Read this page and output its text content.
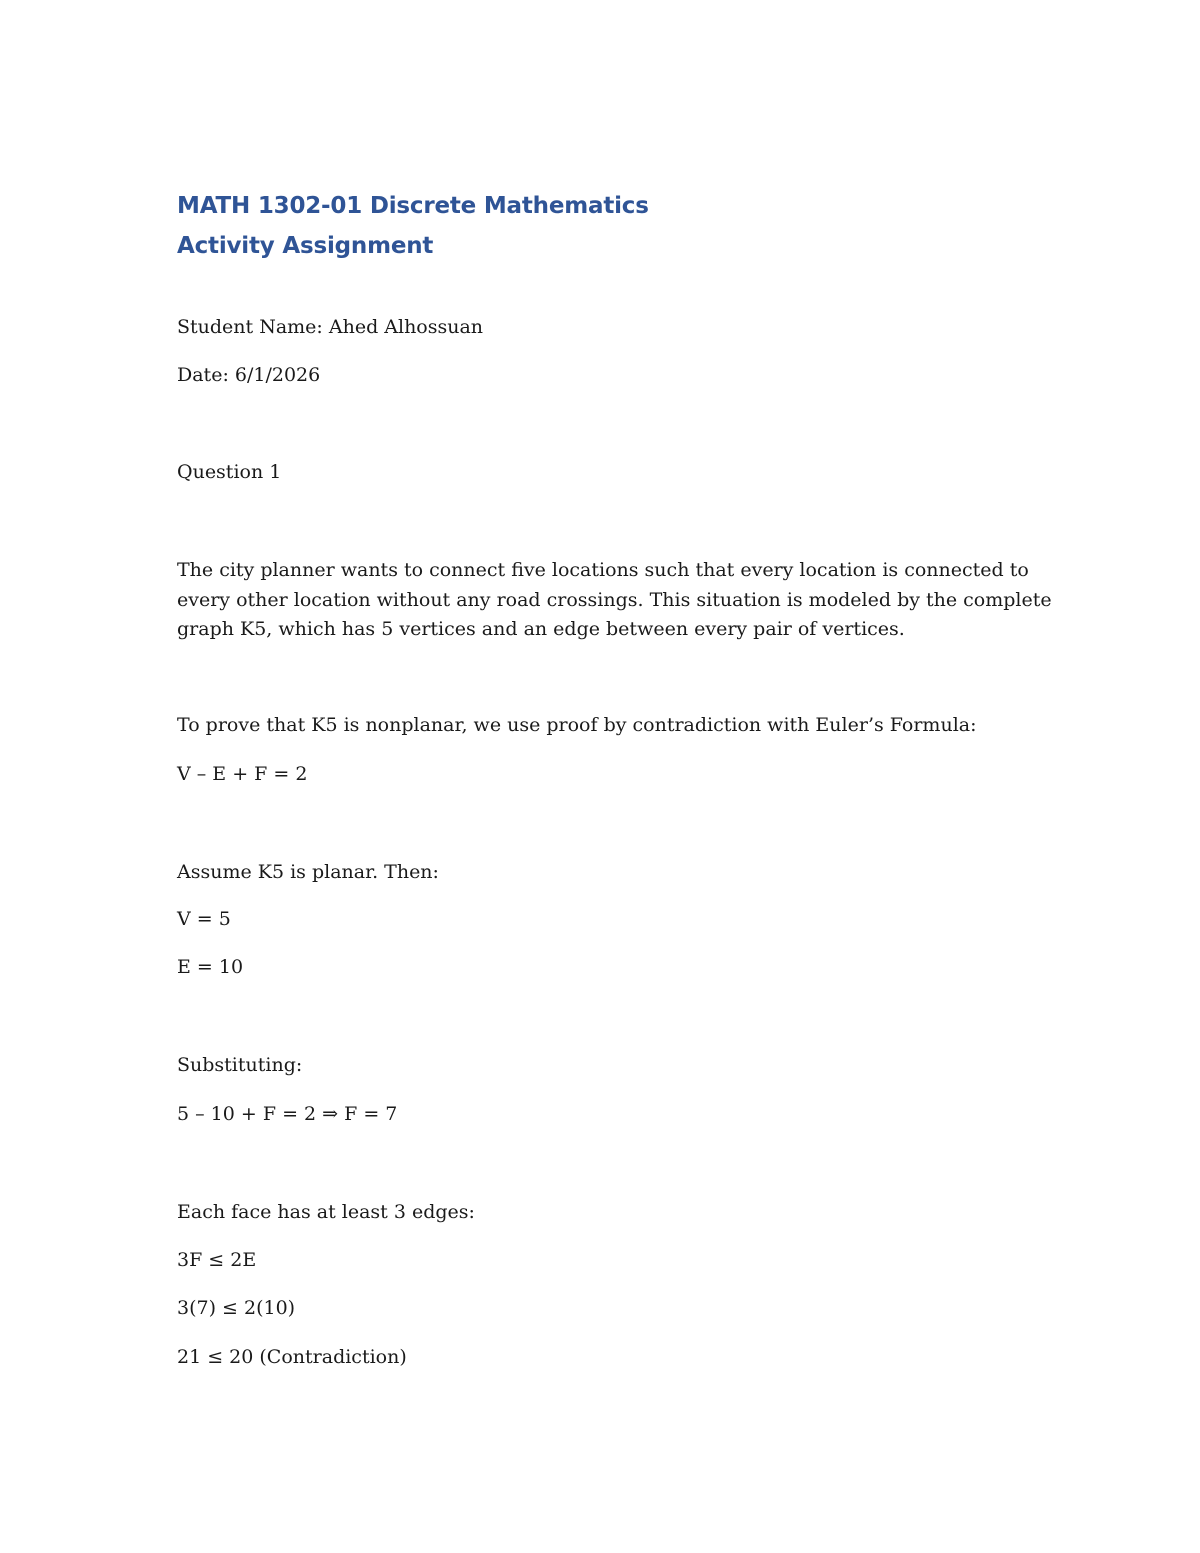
MATH 1302-01 Discrete Mathematics
Activity Assignment

Student Name: Ahed Alhossuan

Date: 6/1/2026

Question 1

The city planner wants to connect five locations such that every location is connected to
every other location without any road crossings. This situation is modeled by the complete
graph K5, which has 5 vertices and an edge between every pair of vertices.

To prove that K5 is nonplanar, we use proof by contradiction with Euler’s Formula:

V – E + F = 2

Assume K5 is planar. Then:

V = 5

E = 10

Substituting:

5 – 10 + F = 2 ⇒ F = 7

Each face has at least 3 edges:

3F ≤ 2E

3(7) ≤ 2(10)

21 ≤ 20 (Contradiction)
